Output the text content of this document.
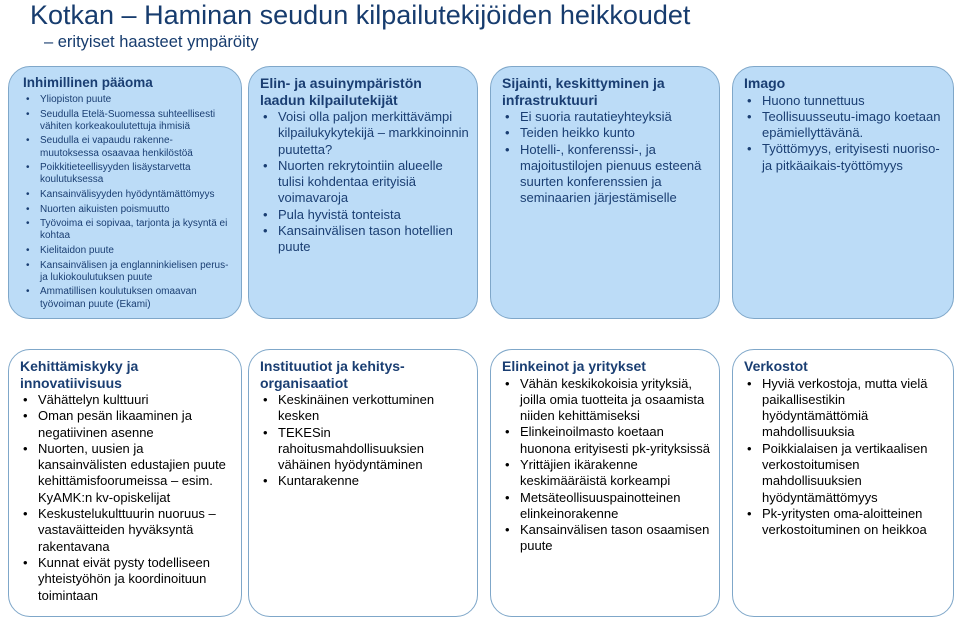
Kotkan – Haminan seudun kilpailutekijöiden heikkoudet

– erityiset haasteet ympäröity

Inhimillinen pääoma

• Yliopiston puute
• Seudulla Etelä-Suomessa suhteellisesti vähiten korkeakoulutettuja ihmisiä
• Seudulla ei vapaudu rakenne-muutoksessa osaavaa henkilöstöä
• Poikkitieteellisyyden lisäystarvetta koulutuksessa
• Kansainvälisyyden hyödyntämättömyys
• Nuorten aikuisten poismuutto
• Työvoima ei sopivaa, tarjonta ja kysyntä ei kohtaa
• Kielitaidon puute
• Kansainvälisen ja englanninkielisen perus- ja lukiokoulutuksen puute
• Ammatillisen koulutuksen omaavan työvoiman puute (Ekami)

Elin- ja asuinympäristön laadun kilpailutekijät

• Voisi olla paljon merkittävämpi kilpailukykytekijä – markkinoinnin puutetta?
• Nuorten rekrytointiin alueelle tulisi kohdentaa erityisiä voimavaroja
• Pula hyvistä tonteista
• Kansainvälisen tason hotellien puute

Sijainti, keskittyminen ja infrastruktuuri

• Ei suoria rautatieyhteyksiä
• Teiden heikko kunto
• Hotelli-, konferenssi-, ja majoitustilojen pienuus esteenä suurten konferenssien ja seminaarien järjestämiselle

Imago

• Huono tunnettuus
• Teollisuusseutu-imago koetaan epämiellyttävänä.
• Työttömyys, erityisesti nuoriso- ja pitkäaikais-työttömyys

Kehittämiskyky ja innovatiivisuus

• Vähättelyn kulttuuri
• Oman pesän likaaminen ja negatiivinen asenne
• Nuorten, uusien ja kansainvälisten edustajien puute kehittämisfoorumeissa – esim. KyAMK:n kv-opiskelijat
• Keskustelukulttuurin nuoruus – vastaväitteiden hyväksyntä rakentavana
• Kunnat eivät pysty todelliseen yhteistyöhön ja koordinoituun toimintaan

Instituutiot ja kehitys-organisaatiot

• Keskinäinen verkottuminen kesken
• TEKESin rahoitusmahdollisuuksien vähäinen hyödyntäminen
• Kuntarakenne

Elinkeinot ja yritykset

• Vähän keskikokoisia yrityksiä, joilla omia tuotteita ja osaamista niiden kehittämiseksi
• Elinkeinoilmasto koetaan huonona erityisesti pk-yrityksissä
• Yrittäjien ikärakenne keskimääräistä korkeampi
• Metsäteollisuuspainotteinen elinkeinorakenne
• Kansainvälisen tason osaamisen puute

Verkostot

• Hyviä verkostoja, mutta vielä paikallisestikin hyödyntämättömiä mahdollisuuksia
• Poikkialaisen ja vertikaalisen verkostoitumisen mahdollisuuksien hyödyntämättömyys
• Pk-yritysten oma-aloitteinen verkostoituminen on heikkoa
